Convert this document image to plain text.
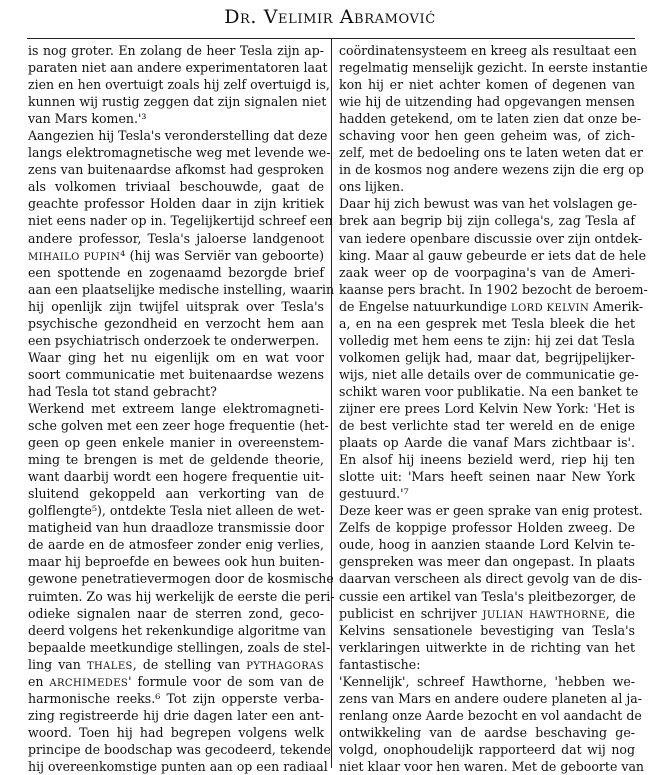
Dr. Velimir Abramović
is nog groter. En zolang de heer Tesla zijn ap-
paraten niet aan andere experimentatoren laat
zien en hen overtuigt zoals hij zelf overtuigd is,
kunnen wij rustig zeggen dat zijn signalen niet
van Mars komen.'³
Aangezien hij Tesla's veronderstelling dat deze
langs elektromagnetische weg met levende we-
zens van buitenaardse afkomst had gesproken
als volkomen triviaal beschouwde, gaat de
geachte professor Holden daar in zijn kritiek
niet eens nader op in. Tegelijkertijd schreef een
andere professor, Tesla's jaloerse landgenoot
MIHAILO PUPIN⁴ (hij was Serviër van geboorte)
een spottende en zogenaamd bezorgde brief
aan een plaatselijke medische instelling, waarin
hij openlijk zijn twijfel uitsprak over Tesla's
psychische gezondheid en verzocht hem aan
een psychiatrisch onderzoek te onderwerpen.
Waar ging het nu eigenlijk om en wat voor
soort communicatie met buitenaardse wezens
had Tesla tot stand gebracht?
Werkend met extreem lange elektromagneti-
sche golven met een zeer hoge frequentie (het-
geen op geen enkele manier in overeenstem-
ming te brengen is met de geldende theorie,
want daarbij wordt een hogere frequentie uit-
sluitend gekoppeld aan verkorting van de
golflengte⁵), ontdekte Tesla niet alleen de wet-
matigheid van hun draadloze transmissie door
de aarde en de atmosfeer zonder enig verlies,
maar hij beproefde en bewees ook hun buiten-
gewone penetratievermogen door de kosmische
ruimten. Zo was hij werkelijk de eerste die peri-
odieke signalen naar de sterren zond, geco-
deerd volgens het rekenkundige algoritme van
bepaalde meetkundige stellingen, zoals de stel-
ling van THALES, de stelling van PYTHAGORAS
en ARCHIMEDES' formule voor de som van de
harmonische reeks.⁶ Tot zijn opperste verba-
zing registreerde hij drie dagen later een ant-
woord. Toen hij had begrepen volgens welk
principe de boodschap was gecodeerd, tekende
hij overeenkomstige punten aan op een radiaal
coördinatensysteem en kreeg als resultaat een
regelmatig menselijk gezicht. In eerste instantie
kon hij er niet achter komen of degenen van
wie hij de uitzending had opgevangen mensen
hadden getekend, om te laten zien dat onze be-
schaving voor hen geen geheim was, of zich-
zelf, met de bedoeling ons te laten weten dat er
in de kosmos nog andere wezens zijn die erg op
ons lijken.
Daar hij zich bewust was van het volslagen ge-
brek aan begrip bij zijn collega's, zag Tesla af
van iedere openbare discussie over zijn ontdek-
king. Maar al gauw gebeurde er iets dat de hele
zaak weer op de voorpagina's van de Ameri-
kaanse pers bracht. In 1902 bezocht de beroem-
de Engelse natuurkundige LORD KELVIN Amerik-
a, en na een gesprek met Tesla bleek die het
volledig met hem eens te zijn: hij zei dat Tesla
volkomen gelijk had, maar dat, begrijpelijker-
wijs, niet alle details over de communicatie ge-
schikt waren voor publikatie. Na een banket te
zijner ere prees Lord Kelvin New York: 'Het is
de best verlichte stad ter wereld en de enige
plaats op Aarde die vanaf Mars zichtbaar is'.
En alsof hij ineens bezield werd, riep hij ten
slotte uit: 'Mars heeft seinen naar New York
gestuurd.'⁷
Deze keer was er geen sprake van enig protest.
Zelfs de koppige professor Holden zweeg. De
oude, hoog in aanzien staande Lord Kelvin te-
genspreken was meer dan ongepast. In plaats
daarvan verscheen als direct gevolg van de dis-
cussie een artikel van Tesla's pleitbezorger, de
publicist en schrijver JULIAN HAWTHORNE, die
Kelvins sensationele bevestiging van Tesla's
verklaringen uitwerkte in de richting van het
fantastische:
'Kennelijk', schreef Hawthorne, 'hebben we-
zens van Mars en andere oudere planeten al ja-
renlang onze Aarde bezocht en vol aandacht de
ontwikkeling van de aardse beschaving ge-
volgd, onophoudelijk rapporteerd dat wij nog
niet klaar voor hen waren. Met de geboorte van
